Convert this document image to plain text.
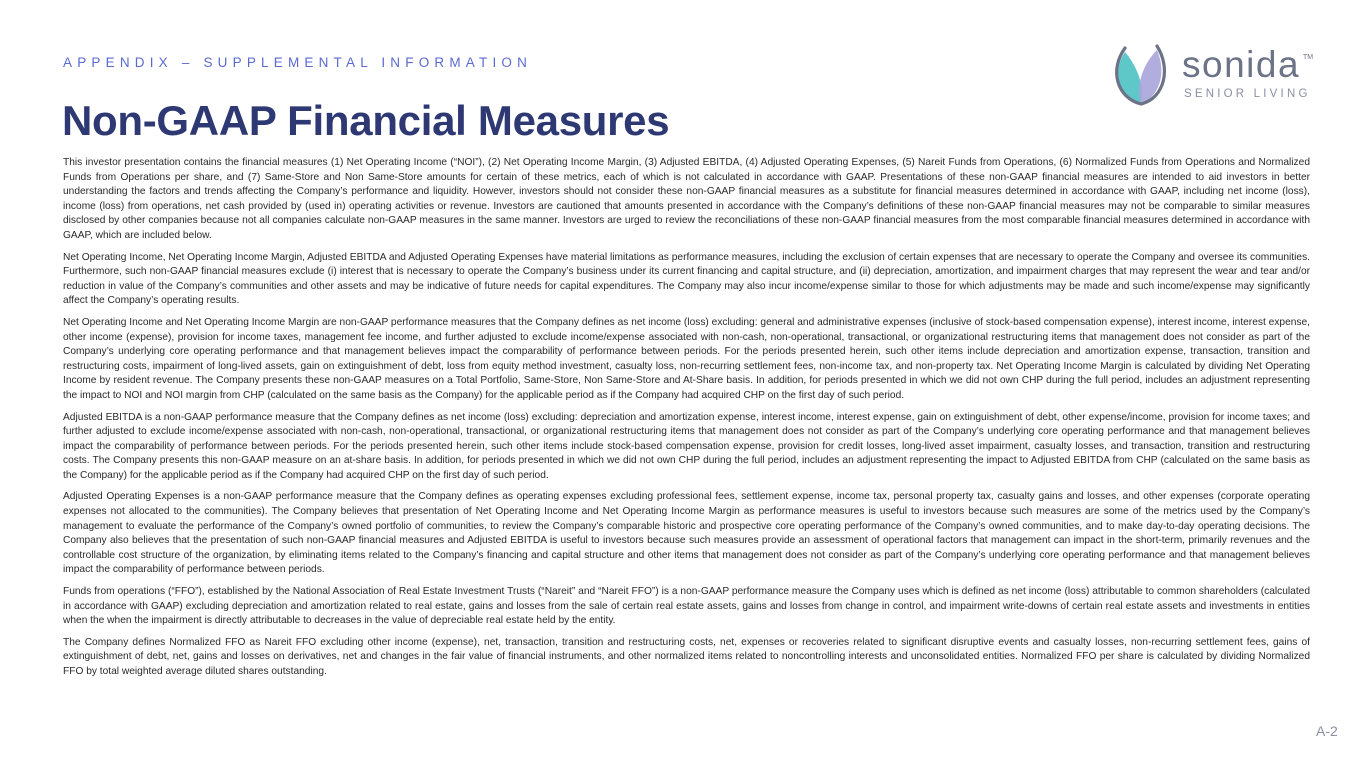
APPENDIX – SUPPLEMENTAL INFORMATION
Non-GAAP Financial Measures
sonida TM
SENIOR LIVING

This investor presentation contains the financial measures (1) Net Operating Income (“NOI”), (2) Net Operating Income Margin, (3) Adjusted EBITDA, (4) Adjusted Operating Expenses, (5) Nareit Funds from Operations, (6) Normalized Funds from Operations and Normalized Funds from Operations per share, and (7) Same-Store and Non Same-Store amounts for certain of these metrics, each of which is not calculated in accordance with GAAP. Presentations of these non-GAAP financial measures are intended to aid investors in better understanding the factors and trends affecting the Company’s performance and liquidity. However, investors should not consider these non-GAAP financial measures as a substitute for financial measures determined in accordance with GAAP, including net income (loss), income (loss) from operations, net cash provided by (used in) operating activities or revenue. Investors are cautioned that amounts presented in accordance with the Company’s definitions of these non-GAAP financial measures may not be comparable to similar measures disclosed by other companies because not all companies calculate non-GAAP measures in the same manner. Investors are urged to review the reconciliations of these non-GAAP financial measures from the most comparable financial measures determined in accordance with GAAP, which are included below.

Net Operating Income, Net Operating Income Margin, Adjusted EBITDA and Adjusted Operating Expenses have material limitations as performance measures, including the exclusion of certain expenses that are necessary to operate the Company and oversee its communities. Furthermore, such non-GAAP financial measures exclude (i) interest that is necessary to operate the Company’s business under its current financing and capital structure, and (ii) depreciation, amortization, and impairment charges that may represent the wear and tear and/or reduction in value of the Company’s communities and other assets and may be indicative of future needs for capital expenditures. The Company may also incur income/expense similar to those for which adjustments may be made and such income/expense may significantly affect the Company’s operating results.

Net Operating Income and Net Operating Income Margin are non-GAAP performance measures that the Company defines as net income (loss) excluding: general and administrative expenses (inclusive of stock-based compensation expense), interest income, interest expense, other income (expense), provision for income taxes, management fee income, and further adjusted to exclude income/expense associated with non-cash, non-operational, transactional, or organizational restructuring items that management does not consider as part of the Company’s underlying core operating performance and that management believes impact the comparability of performance between periods. For the periods presented herein, such other items include depreciation and amortization expense, transaction, transition and restructuring costs, impairment of long-lived assets, gain on extinguishment of debt, loss from equity method investment, casualty loss, non-recurring settlement fees, non-income tax, and non-property tax. Net Operating Income Margin is calculated by dividing Net Operating Income by resident revenue. The Company presents these non-GAAP measures on a Total Portfolio, Same-Store, Non Same-Store and At-Share basis. In addition, for periods presented in which we did not own CHP during the full period, includes an adjustment representing the impact to NOI and NOI margin from CHP (calculated on the same basis as the Company) for the applicable period as if the Company had acquired CHP on the first day of such period.

Adjusted EBITDA is a non-GAAP performance measure that the Company defines as net income (loss) excluding: depreciation and amortization expense, interest income, interest expense, gain on extinguishment of debt, other expense/income, provision for income taxes; and further adjusted to exclude income/expense associated with non-cash, non-operational, transactional, or organizational restructuring items that management does not consider as part of the Company’s underlying core operating performance and that management believes impact the comparability of performance between periods. For the periods presented herein, such other items include stock-based compensation expense, provision for credit losses, long-lived asset impairment, casualty losses, and transaction, transition and restructuring costs. The Company presents this non-GAAP measure on an at-share basis. In addition, for periods presented in which we did not own CHP during the full period, includes an adjustment representing the impact to Adjusted EBITDA from CHP (calculated on the same basis as the Company) for the applicable period as if the Company had acquired CHP on the first day of such period.

Adjusted Operating Expenses is a non-GAAP performance measure that the Company defines as operating expenses excluding professional fees, settlement expense, income tax, personal property tax, casualty gains and losses, and other expenses (corporate operating expenses not allocated to the communities). The Company believes that presentation of Net Operating Income and Net Operating Income Margin as performance measures is useful to investors because such measures are some of the metrics used by the Company’s management to evaluate the performance of the Company’s owned portfolio of communities, to review the Company’s comparable historic and prospective core operating performance of the Company’s owned communities, and to make day-to-day operating decisions. The Company also believes that the presentation of such non-GAAP financial measures and Adjusted EBITDA is useful to investors because such measures provide an assessment of operational factors that management can impact in the short-term, primarily revenues and the controllable cost structure of the organization, by eliminating items related to the Company’s financing and capital structure and other items that management does not consider as part of the Company’s underlying core operating performance and that management believes impact the comparability of performance between periods.

Funds from operations (“FFO”), established by the National Association of Real Estate Investment Trusts (“Nareit” and “Nareit FFO”) is a non-GAAP performance measure the Company uses which is defined as net income (loss) attributable to common shareholders (calculated in accordance with GAAP) excluding depreciation and amortization related to real estate, gains and losses from the sale of certain real estate assets, gains and losses from change in control, and impairment write-downs of certain real estate assets and investments in entities when the when the impairment is directly attributable to decreases in the value of depreciable real estate held by the entity.

The Company defines Normalized FFO as Nareit FFO excluding other income (expense), net, transaction, transition and restructuring costs, net, expenses or recoveries related to significant disruptive events and casualty losses, non-recurring settlement fees, gains of extinguishment of debt, net, gains and losses on derivatives, net and changes in the fair value of financial instruments, and other normalized items related to noncontrolling interests and unconsolidated entities. Normalized FFO per share is calculated by dividing Normalized FFO by total weighted average diluted shares outstanding.

A-2
